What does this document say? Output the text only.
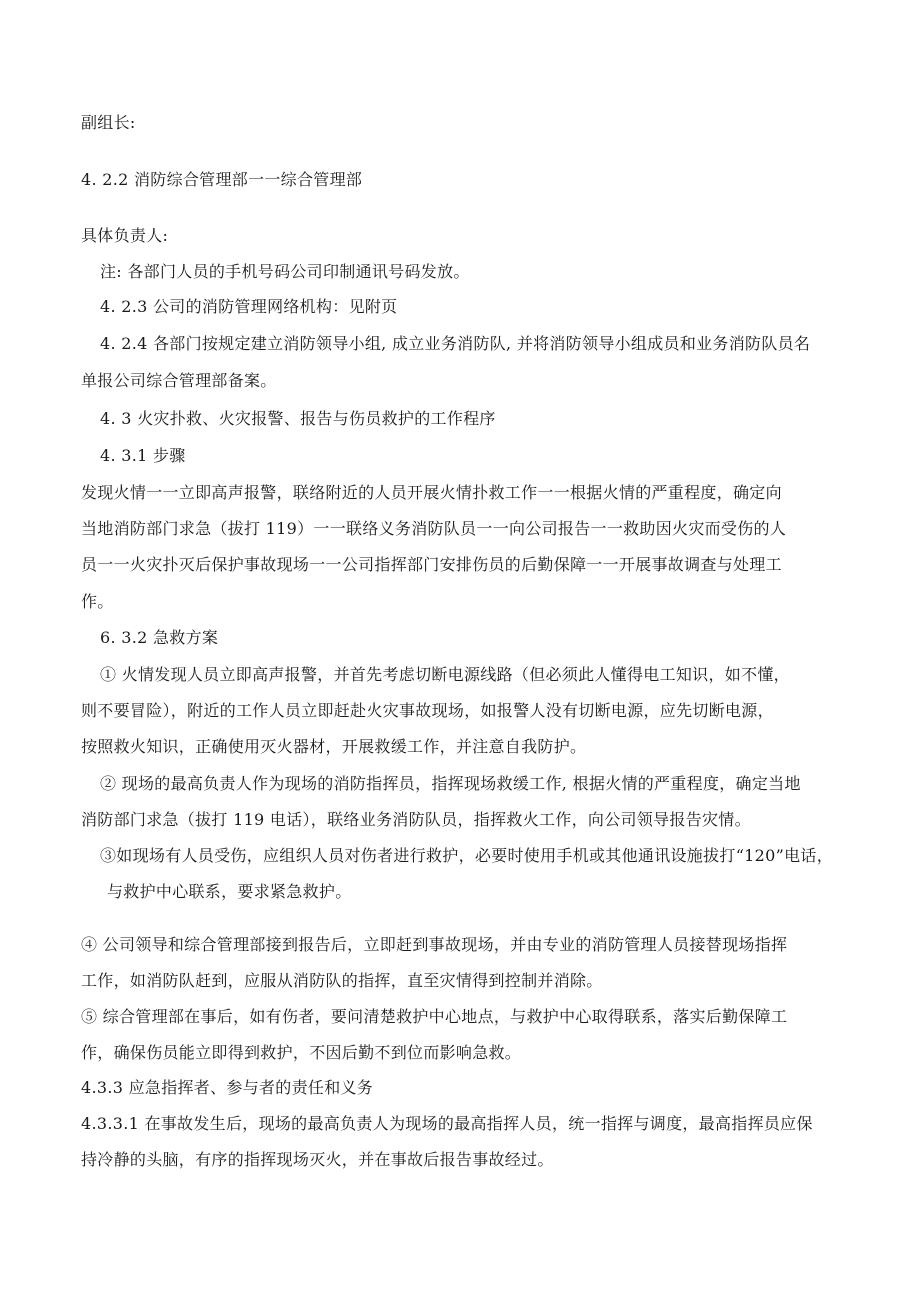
副组长:

4. 2.2 消防综合管理部一一综合管理部

具体负责人:

注: 各部门人员的手机号码公司印制通讯号码发放。

4. 2.3 公司的消防管理网络机构：见附页

4. 2.4 各部门按规定建立消防领导小组, 成立业务消防队, 并将消防领导小组成员和业务消防队员名

单报公司综合管理部备案。

4. 3 火灾扑救、火灾报警、报告与伤员救护的工作程序

4. 3.1 步骤

发现火情一一立即高声报警，联络附近的人员开展火情扑救工作一一根据火情的严重程度，确定向

当地消防部门求急（拔打 119）一一联络义务消防队员一一向公司报告一一救助因火灾而受伤的人

员一一火灾扑灭后保护事故现场一一公司指挥部门安排伤员的后勤保障一一开展事故调查与处理工

作。

6. 3.2 急救方案

① 火情发现人员立即高声报警，并首先考虑切断电源线路（但必须此人懂得电工知识，如不懂，

则不要冒险），附近的工作人员立即赶赴火灾事故现场，如报警人没有切断电源，应先切断电源，

按照救火知识，正确使用灭火器材，开展救缓工作，并注意自我防护。

② 现场的最高负责人作为现场的消防指挥员，指挥现场救缓工作, 根据火情的严重程度，确定当地

消防部门求急（拔打 119 电话），联络业务消防队员，指挥救火工作，向公司领导报告灾情。

③如现场有人员受伤，应组织人员对伤者进行救护，必要时使用手机或其他通讯设施拔打“120”电话，

与救护中心联系，要求紧急救护。

④ 公司领导和综合管理部接到报告后，立即赶到事故现场，并由专业的消防管理人员接替现场指挥

工作，如消防队赶到，应服从消防队的指挥，直至灾情得到控制并消除。

⑤ 综合管理部在事后，如有伤者，要问清楚救护中心地点，与救护中心取得联系，落实后勤保障工

作，确保伤员能立即得到救护，不因后勤不到位而影响急救。

4.3.3 应急指挥者、参与者的责任和义务

4.3.3.1 在事故发生后，现场的最高负责人为现场的最高指挥人员，统一指挥与调度，最高指挥员应保

持冷静的头脑，有序的指挥现场灭火，并在事故后报告事故经过。
